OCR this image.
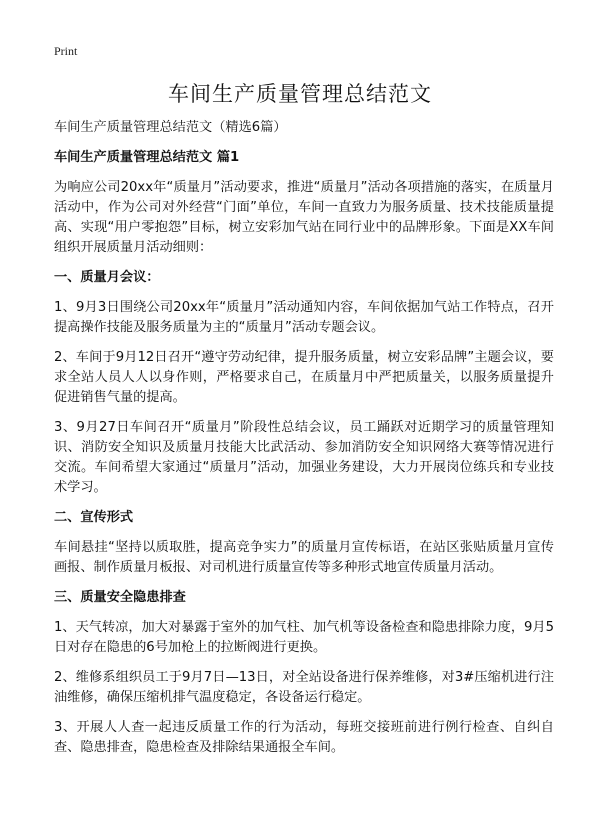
Print
车间生产质量管理总结范文

车间生产质量管理总结范文（精选6篇）

车间生产质量管理总结范文 篇1

为响应公司20xx年“质量月”活动要求，推进“质量月”活动各项措施的落实，在质量月活动中，作为公司对外经营“门面”单位，车间一直致力为服务质量、技术技能质量提高、实现“用户零抱怨”目标，树立安彩加气站在同行业中的品牌形象。下面是XX车间组织开展质量月活动细则：

一、质量月会议：

1、9月3日围绕公司20xx年“质量月”活动通知内容，车间依据加气站工作特点，召开提高操作技能及服务质量为主的“质量月”活动专题会议。

2、车间于9月12日召开“遵守劳动纪律，提升服务质量，树立安彩品牌”主题会议，要求全站人员人人以身作则，严格要求自己，在质量月中严把质量关，以服务质量提升促进销售气量的提高。

3、9月27日车间召开“质量月”阶段性总结会议，员工踊跃对近期学习的质量管理知识、消防安全知识及质量月技能大比武活动、参加消防安全知识网络大赛等情况进行交流。车间希望大家通过“质量月”活动，加强业务建设，大力开展岗位练兵和专业技术学习。

二、宣传形式

车间悬挂“坚持以质取胜，提高竞争实力”的质量月宣传标语，在站区张贴质量月宣传画报、制作质量月板报、对司机进行质量宣传等多种形式地宣传质量月活动。

三、质量安全隐患排查

1、天气转凉，加大对暴露于室外的加气柱、加气机等设备检查和隐患排除力度，9月5日对存在隐患的6号加枪上的拉断阀进行更换。

2、维修系组织员工于9月7日—13日，对全站设备进行保养维修，对3#压缩机进行注油维修，确保压缩机排气温度稳定，各设备运行稳定。

3、开展人人查一起违反质量工作的行为活动，每班交接班前进行例行检查、自纠自查、隐患排查，隐患检查及排除结果通报全车间。
